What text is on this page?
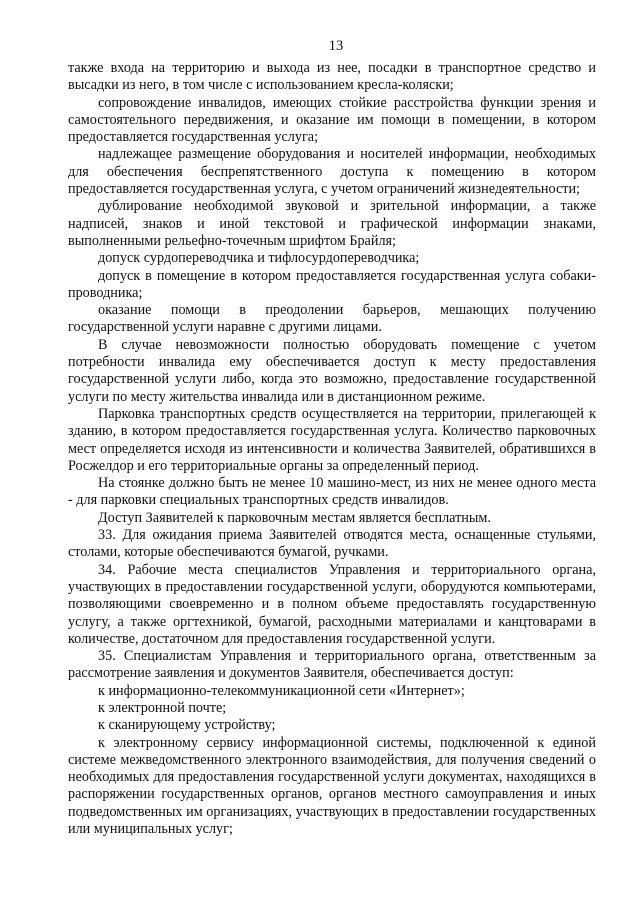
13

также входа на территорию и выхода из нее, посадки в транспортное средство и высадки из него, в том числе с использованием кресла-коляски;

сопровождение инвалидов, имеющих стойкие расстройства функции зрения и самостоятельного передвижения, и оказание им помощи в помещении, в котором предоставляется государственная услуга;

надлежащее размещение оборудования и носителей информации, необходимых для обеспечения беспрепятственного доступа к помещению в котором предоставляется государственная услуга, с учетом ограничений жизнедеятельности;

дублирование необходимой звуковой и зрительной информации, а также надписей, знаков и иной текстовой и графической информации знаками, выполненными рельефно-точечным шрифтом Брайля;

допуск сурдопереводчика и тифлосурдопереводчика;

допуск в помещение в котором предоставляется государственная услуга собаки-проводника;

оказание помощи в преодолении барьеров, мешающих получению государственной услуги наравне с другими лицами.

В случае невозможности полностью оборудовать помещение с учетом потребности инвалида ему обеспечивается доступ к месту предоставления государственной услуги либо, когда это возможно, предоставление государственной услуги по месту жительства инвалида или в дистанционном режиме.

Парковка транспортных средств осуществляется на территории, прилегающей к зданию, в котором предоставляется государственная услуга. Количество парковочных мест определяется исходя из интенсивности и количества Заявителей, обратившихся в Росжелдор и его территориальные органы за определенный период.

На стоянке должно быть не менее 10 машино-мест, из них не менее одного места - для парковки специальных транспортных средств инвалидов.

Доступ Заявителей к парковочным местам является бесплатным.

33. Для ожидания приема Заявителей отводятся места, оснащенные стульями, столами, которые обеспечиваются бумагой, ручками.

34. Рабочие места специалистов Управления и территориального органа, участвующих в предоставлении государственной услуги, оборудуются компьютерами, позволяющими своевременно и в полном объеме предоставлять государственную услугу, а также оргтехникой, бумагой, расходными материалами и канцтоварами в количестве, достаточном для предоставления государственной услуги.

35. Специалистам Управления и территориального органа, ответственным за рассмотрение заявления и документов Заявителя, обеспечивается доступ:

к информационно-телекоммуникационной сети «Интернет»;

к электронной почте;

к сканирующему устройству;

к электронному сервису информационной системы, подключенной к единой системе межведомственного электронного взаимодействия, для получения сведений о необходимых для предоставления государственной услуги документах, находящихся в распоряжении государственных органов, органов местного самоуправления и иных подведомственных им организациях, участвующих в предоставлении государственных или муниципальных услуг;
